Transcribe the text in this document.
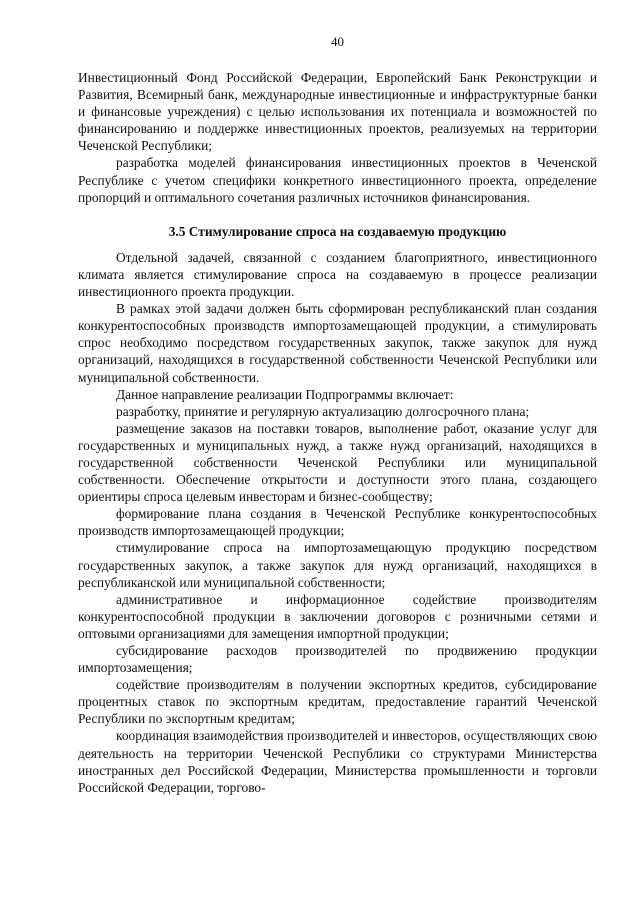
40

Инвестиционный Фонд Российской Федерации, Европейский Банк Реконструкции и Развития, Всемирный банк, международные инвестиционные и инфраструктурные банки и финансовые учреждения) с целью использования их потенциала и возможностей по финансированию и поддержке инвестиционных проектов, реализуемых на территории Чеченской Республики;

разработка моделей финансирования инвестиционных проектов в Чеченской Республике с учетом специфики конкретного инвестиционного проекта, определение пропорций и оптимального сочетания различных источников финансирования.

3.5 Стимулирование спроса на создаваемую продукцию

Отдельной задачей, связанной с созданием благоприятного, инвестиционного климата является стимулирование спроса на создаваемую в процессе реализации инвестиционного проекта продукции.

В рамках этой задачи должен быть сформирован республиканский план создания конкурентоспособных производств импортозамещающей продукции, а стимулировать спрос необходимо посредством государственных закупок, также закупок для нужд организаций, находящихся в государственной собственности Чеченской Республики или муниципальной собственности.

Данное направление реализации Подпрограммы включает:

разработку, принятие и регулярную актуализацию долгосрочного плана;

размещение заказов на поставки товаров, выполнение работ, оказание услуг для государственных и муниципальных нужд, а также нужд организаций, находящихся в государственной собственности Чеченской Республики или муниципальной собственности. Обеспечение открытости и доступности этого плана, создающего ориентиры спроса целевым инвесторам и бизнес-сообществу;

формирование плана создания в Чеченской Республике конкурентоспособных производств импортозамещающей продукции;

стимулирование спроса на импортозамещающую продукцию посредством государственных закупок, а также закупок для нужд организаций, находящихся в республиканской или муниципальной собственности;

административное и информационное содействие производителям конкурентоспособной продукции в заключении договоров с розничными сетями и оптовыми организациями для замещения импортной продукции;

субсидирование расходов производителей по продвижению продукции импортозамещения;

содействие производителям в получении экспортных кредитов, субсидирование процентных ставок по экспортным кредитам, предоставление гарантий Чеченской Республики по экспортным кредитам;

координация взаимодействия производителей и инвесторов, осуществляющих свою деятельность на территории Чеченской Республики со структурами Министерства иностранных дел Российской Федерации, Министерства промышленности и торговли Российской Федерации, торгово-
